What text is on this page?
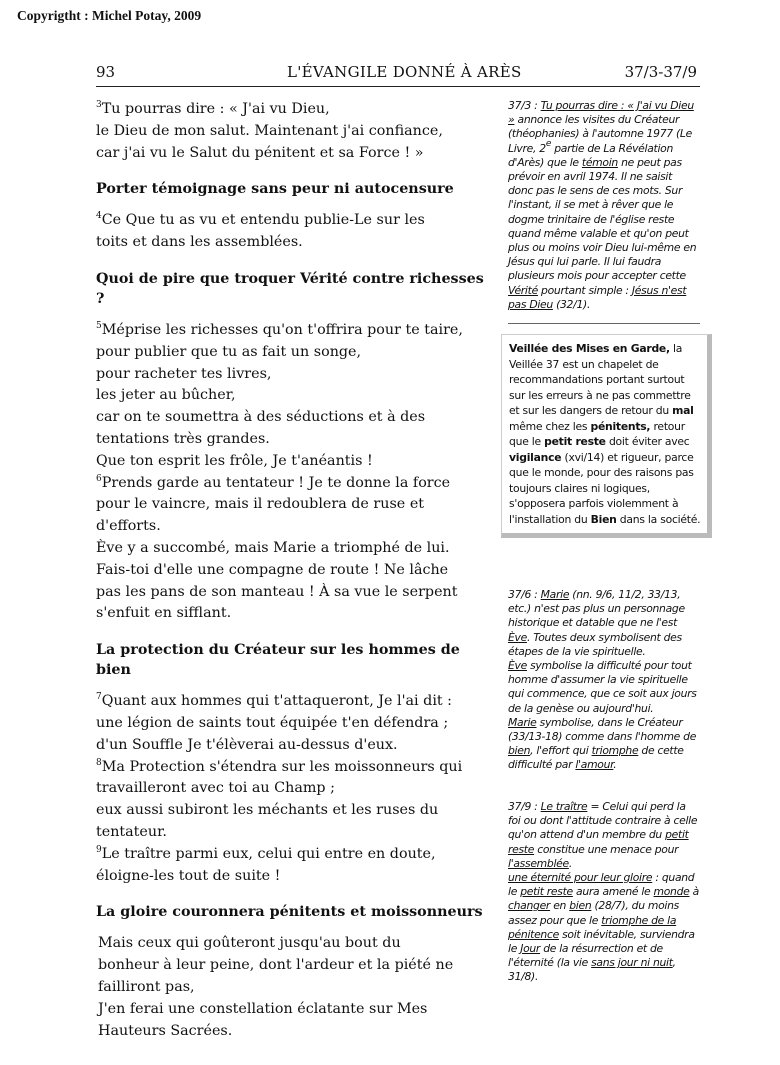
Copyrigtht : Michel Potay, 2009
93	L'ÉVANGILE DONNÉ À ARÈS	37/3-37/9

$^3$Tu pourras dire : « J'ai vu Dieu,
le Dieu de mon salut. Maintenant j'ai confiance,
car j'ai vu le Salut du pénitent et sa Force ! »

Porter témoignage sans peur ni autocensure

$^4$Ce Que tu as vu et entendu publie-Le sur les
toits et dans les assemblées.

Quoi de pire que troquer Vérité contre richesses ?

$^5$Méprise les richesses qu'on t'offrira pour te taire,
pour publier que tu as fait un songe,
pour racheter tes livres,
les jeter au bûcher,
car on te soumettra à des séductions et à des
tentations très grandes.
Que ton esprit les frôle, Je t'anéantis !

$^6$Prends garde au tentateur ! Je te donne la force
pour le vaincre, mais il redoublera de ruse et
d'efforts.
Ève y a succombé, mais Marie a triomphé de lui.
Fais-toi d'elle une compagne de route ! Ne lâche
pas les pans de son manteau ! À sa vue le serpent
s'enfuit en sifflant.

La protection du Créateur sur les hommes de bien

$^7$Quant aux hommes qui t'attaqueront, Je l'ai dit :
une légion de saints tout équipée t'en défendra ;
d'un Souffle Je t'élèverai au-dessus d'eux.

$^8$Ma Protection s'étendra sur les moissonneurs qui
travailleront avec toi au Champ ;
eux aussi subiront les méchants et les ruses du
tentateur.

$^9$Le traître parmi eux, celui qui entre en doute,
éloigne-les tout de suite !

La gloire couronnera pénitents et moissonneurs

Mais ceux qui goûteront jusqu'au bout du
bonheur à leur peine, dont l'ardeur et la piété ne
failliront pas,
J'en ferai une constellation éclatante sur Mes
Hauteurs Sacrées.

37/3 : Tu pourras dire : « J'ai vu Dieu » annonce les visites du Créateur (théophanies) à l'automne 1977 (Le Livre, 2e partie de La Révélation d'Arès) que le témoin ne peut pas prévoir en avril 1974. Il ne saisit donc pas le sens de ces mots. Sur l'instant, il se met à rêver que le dogme trinitaire de l'église reste quand même valable et qu'on peut plus ou moins voir Dieu lui-même en Jésus qui lui parle. Il lui faudra plusieurs mois pour accepter cette Vérité pourtant simple : Jésus n'est pas Dieu (32/1).
Veillée des Mises en Garde, la Veillée 37 est un chapelet de recommandations portant surtout sur les erreurs à ne pas commettre et sur les dangers de retour du mal même chez les pénitents, retour que le petit reste doit éviter avec vigilance (xvi/14) et rigueur, parce que le monde, pour des raisons pas toujours claires ni logiques, s'opposera parfois violemment à l'installation du Bien dans la société.
37/6 : Marie (nn. 9/6, 11/2, 33/13, etc.) n'est pas plus un personnage historique et datable que ne l'est Ève. Toutes deux symbolisent des étapes de la vie spirituelle.
Ève symbolise la difficulté pour tout homme d'assumer la vie spirituelle qui commence, que ce soit aux jours de la genèse ou aujourd'hui.
Marie symbolise, dans le Créateur (33/13-18) comme dans l'homme de bien, l'effort qui triomphe de cette difficulté par l'amour.
37/9 : Le traître = Celui qui perd la foi ou dont l'attitude contraire à celle qu'on attend d'un membre du petit reste constitue une menace pour l'assemblée.
une éternité pour leur gloire : quand le petit reste aura amené le monde à changer en bien (28/7), du moins assez pour que le triomphe de la pénitence soit inévitable, surviendra le Jour de la résurrection et de l'éternité (la vie sans jour ni nuit, 31/8).
